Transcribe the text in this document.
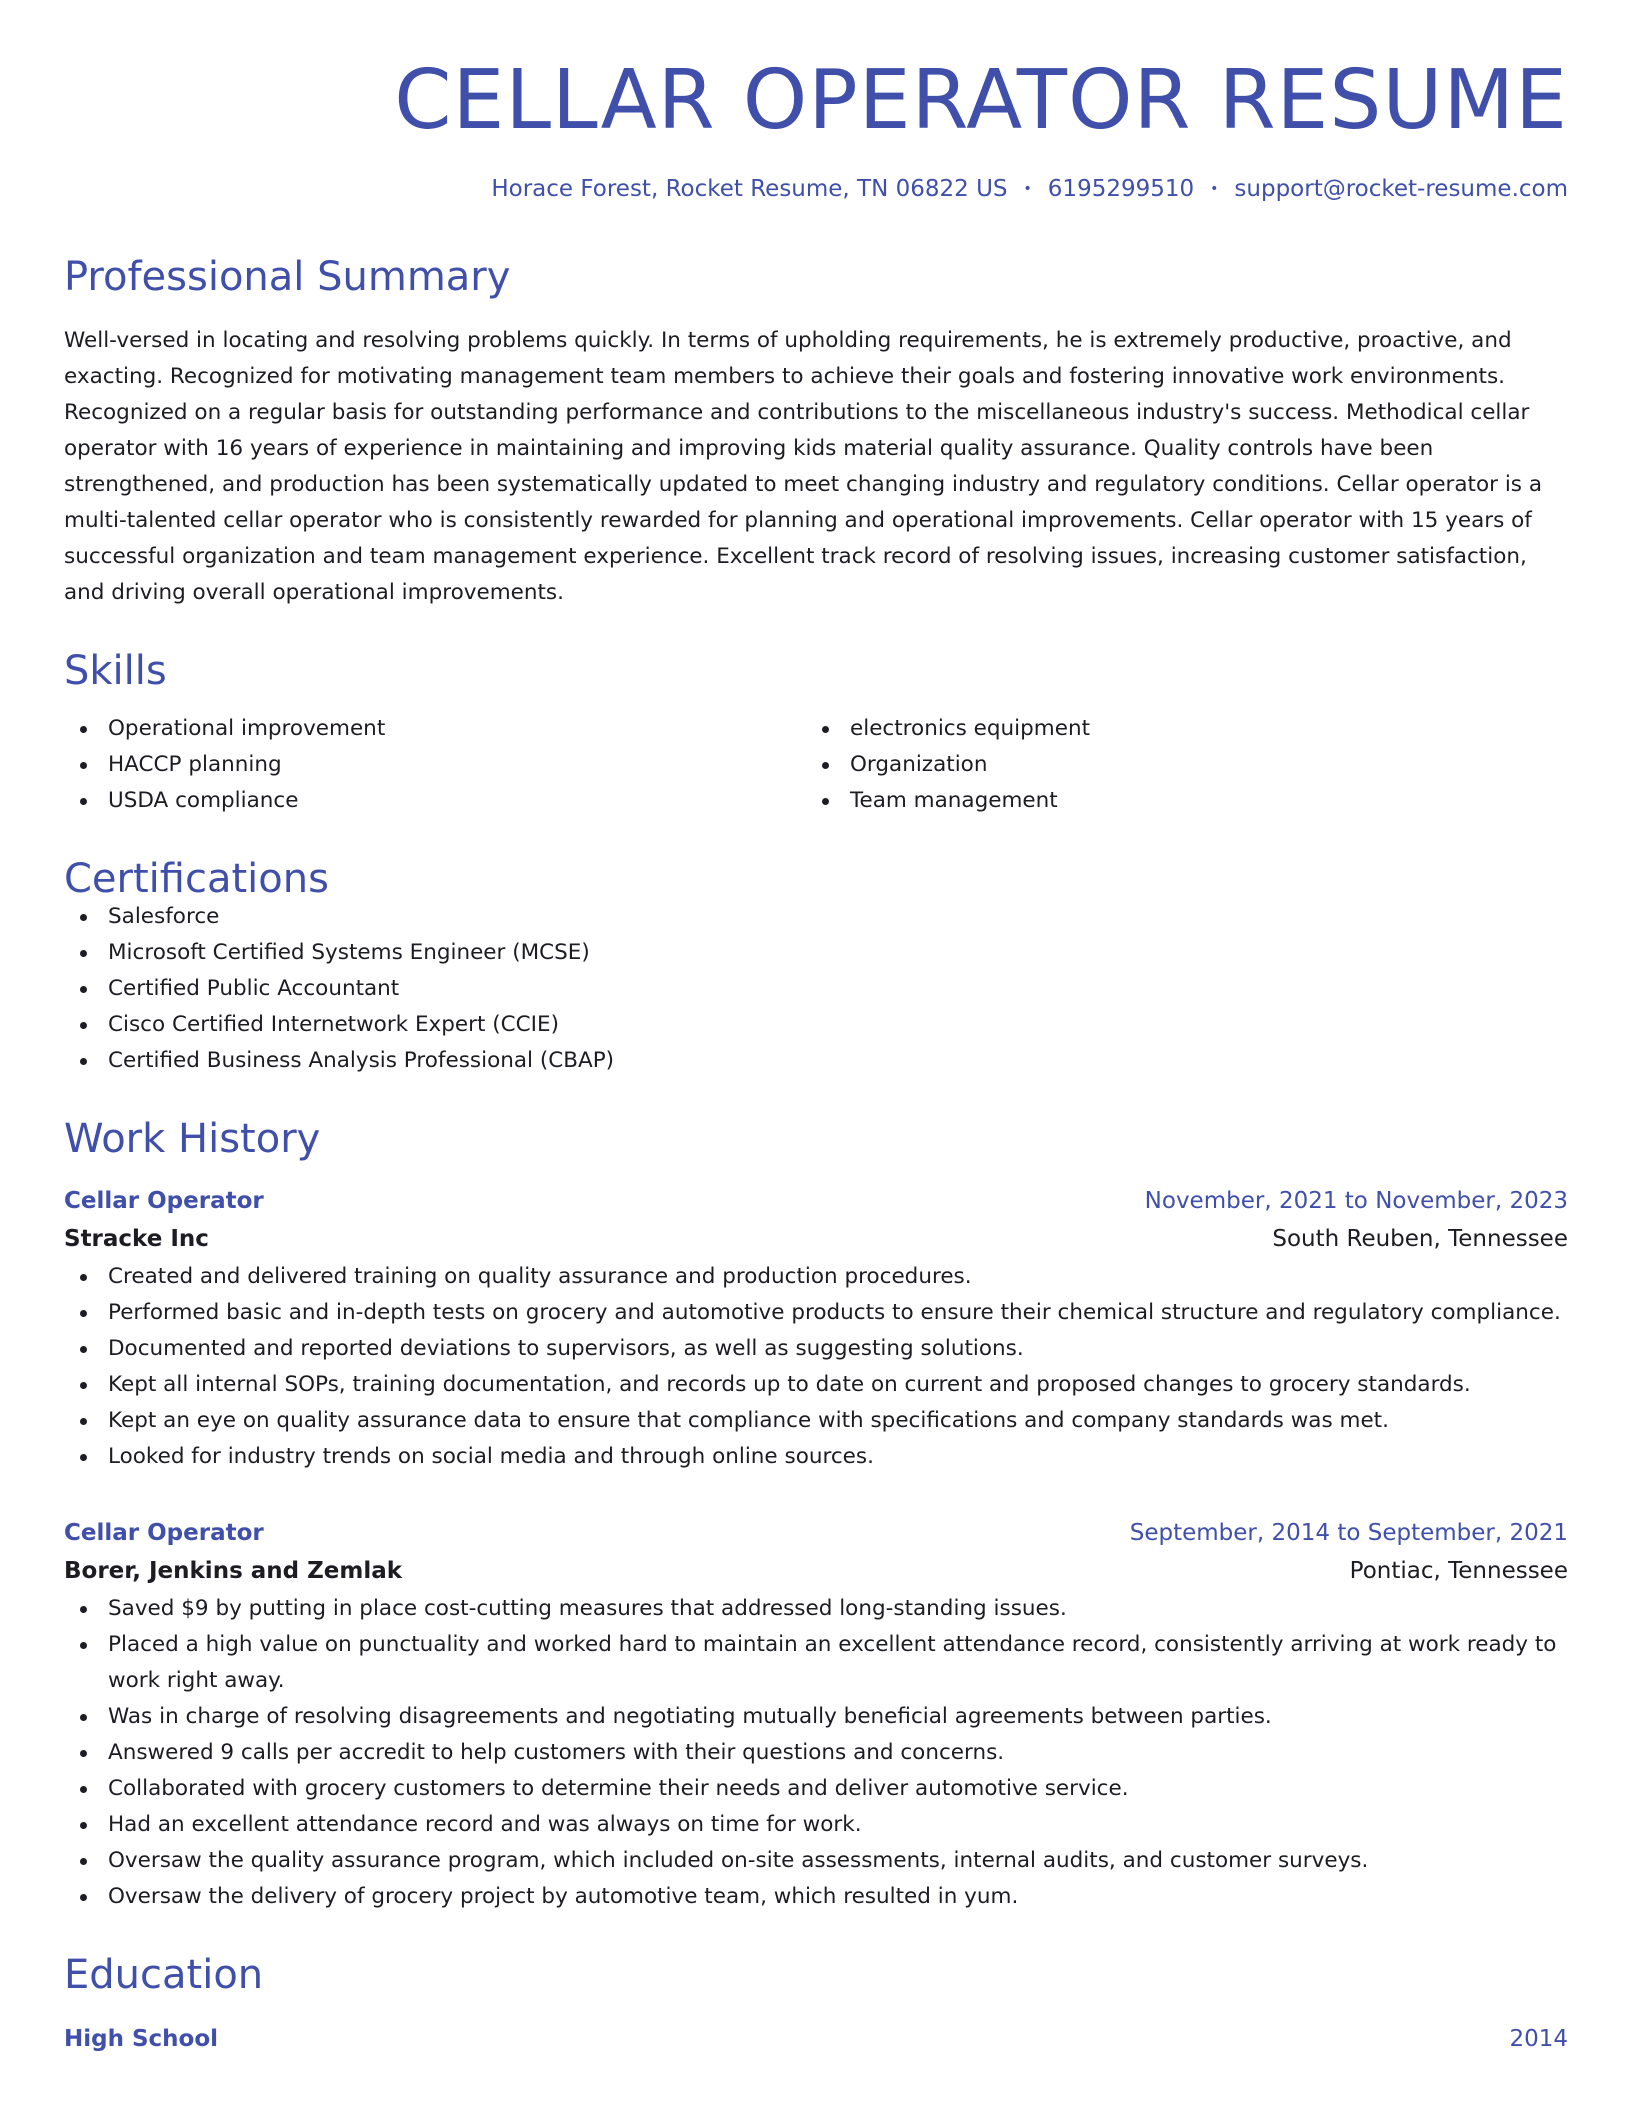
CELLAR OPERATOR RESUME
Horace Forest, Rocket Resume, TN 06822 US • 6195299510 • support@rocket-resume.com
Professional Summary
Well-versed in locating and resolving problems quickly. In terms of upholding requirements, he is extremely productive, proactive, and exacting. Recognized for motivating management team members to achieve their goals and fostering innovative work environments. Recognized on a regular basis for outstanding performance and contributions to the miscellaneous industry's success. Methodical cellar operator with 16 years of experience in maintaining and improving kids material quality assurance. Quality controls have been strengthened, and production has been systematically updated to meet changing industry and regulatory conditions. Cellar operator is a multi-talented cellar operator who is consistently rewarded for planning and operational improvements. Cellar operator with 15 years of successful organization and team management experience. Excellent track record of resolving issues, increasing customer satisfaction, and driving overall operational improvements.
Skills
Operational improvement
HACCP planning
USDA compliance
electronics equipment
Organization
Team management
Certifications
Salesforce
Microsoft Certified Systems Engineer (MCSE)
Certified Public Accountant
Cisco Certified Internetwork Expert (CCIE)
Certified Business Analysis Professional (CBAP)
Work History
Cellar Operator	November, 2021 to November, 2023
Stracke Inc	South Reuben, Tennessee
Created and delivered training on quality assurance and production procedures.
Performed basic and in-depth tests on grocery and automotive products to ensure their chemical structure and regulatory compliance.
Documented and reported deviations to supervisors, as well as suggesting solutions.
Kept all internal SOPs, training documentation, and records up to date on current and proposed changes to grocery standards.
Kept an eye on quality assurance data to ensure that compliance with specifications and company standards was met.
Looked for industry trends on social media and through online sources.
Cellar Operator	September, 2014 to September, 2021
Borer, Jenkins and Zemlak	Pontiac, Tennessee
Saved $9 by putting in place cost-cutting measures that addressed long-standing issues.
Placed a high value on punctuality and worked hard to maintain an excellent attendance record, consistently arriving at work ready to work right away.
Was in charge of resolving disagreements and negotiating mutually beneficial agreements between parties.
Answered 9 calls per accredit to help customers with their questions and concerns.
Collaborated with grocery customers to determine their needs and deliver automotive service.
Had an excellent attendance record and was always on time for work.
Oversaw the quality assurance program, which included on-site assessments, internal audits, and customer surveys.
Oversaw the delivery of grocery project by automotive team, which resulted in yum.
Education
High School	2014
